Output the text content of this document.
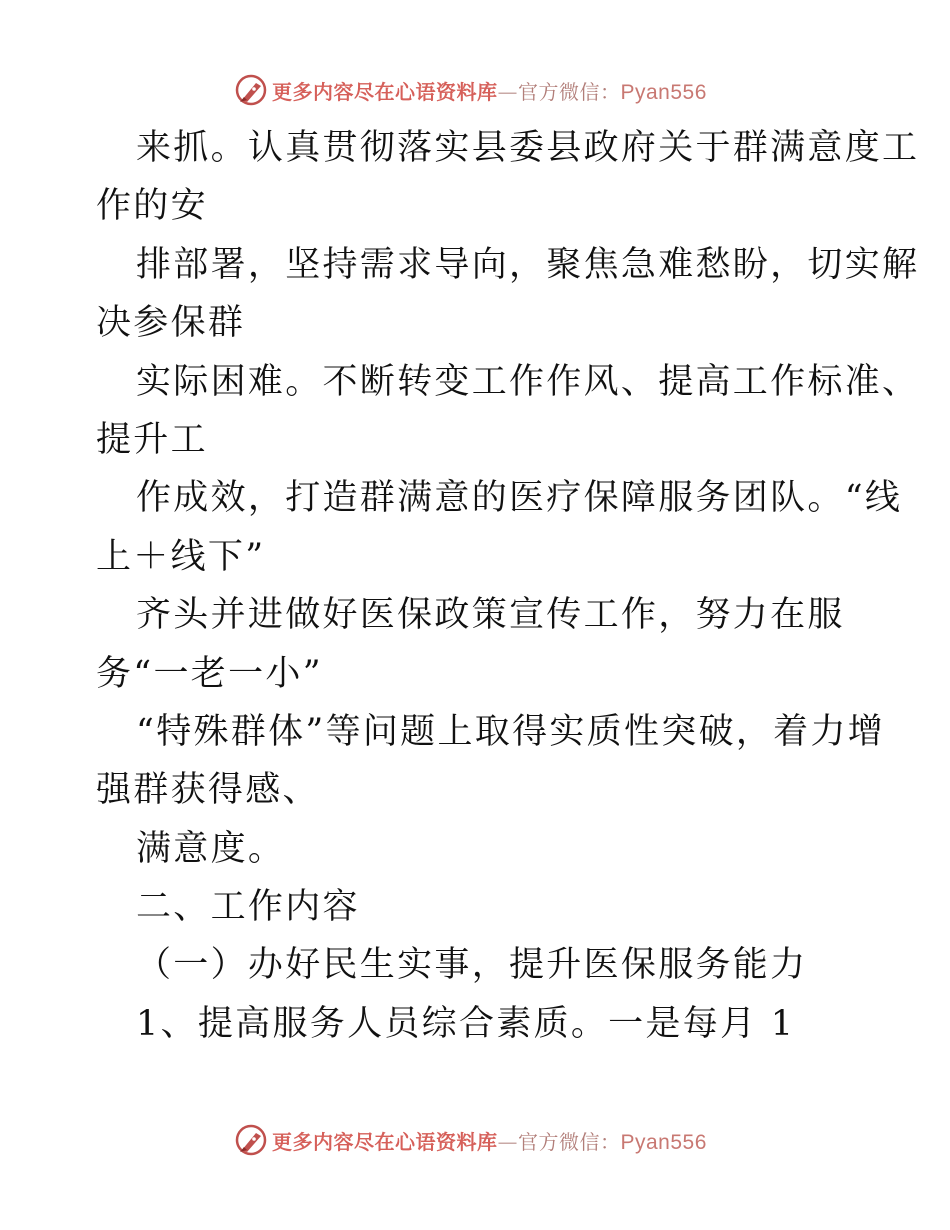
更多内容尽在心语资料库—官方微信：Pyan556
来抓。认真贯彻落实县委县政府关于群满意度工
作的安
排部署，坚持需求导向，聚焦急难愁盼，切实解
决参保群
实际困难。不断转变工作作风、提高工作标准、
提升工
作成效，打造群满意的医疗保障服务团队。“线
上＋线下”
齐头并进做好医保政策宣传工作，努力在服
务“一老一小”
“特殊群体”等问题上取得实质性突破，着力增
强群获得感、
满意度。
二、工作内容
（一）办好民生实事，提升医保服务能力
1、提高服务人员综合素质。一是每月 1
更多内容尽在心语资料库—官方微信：Pyan556
